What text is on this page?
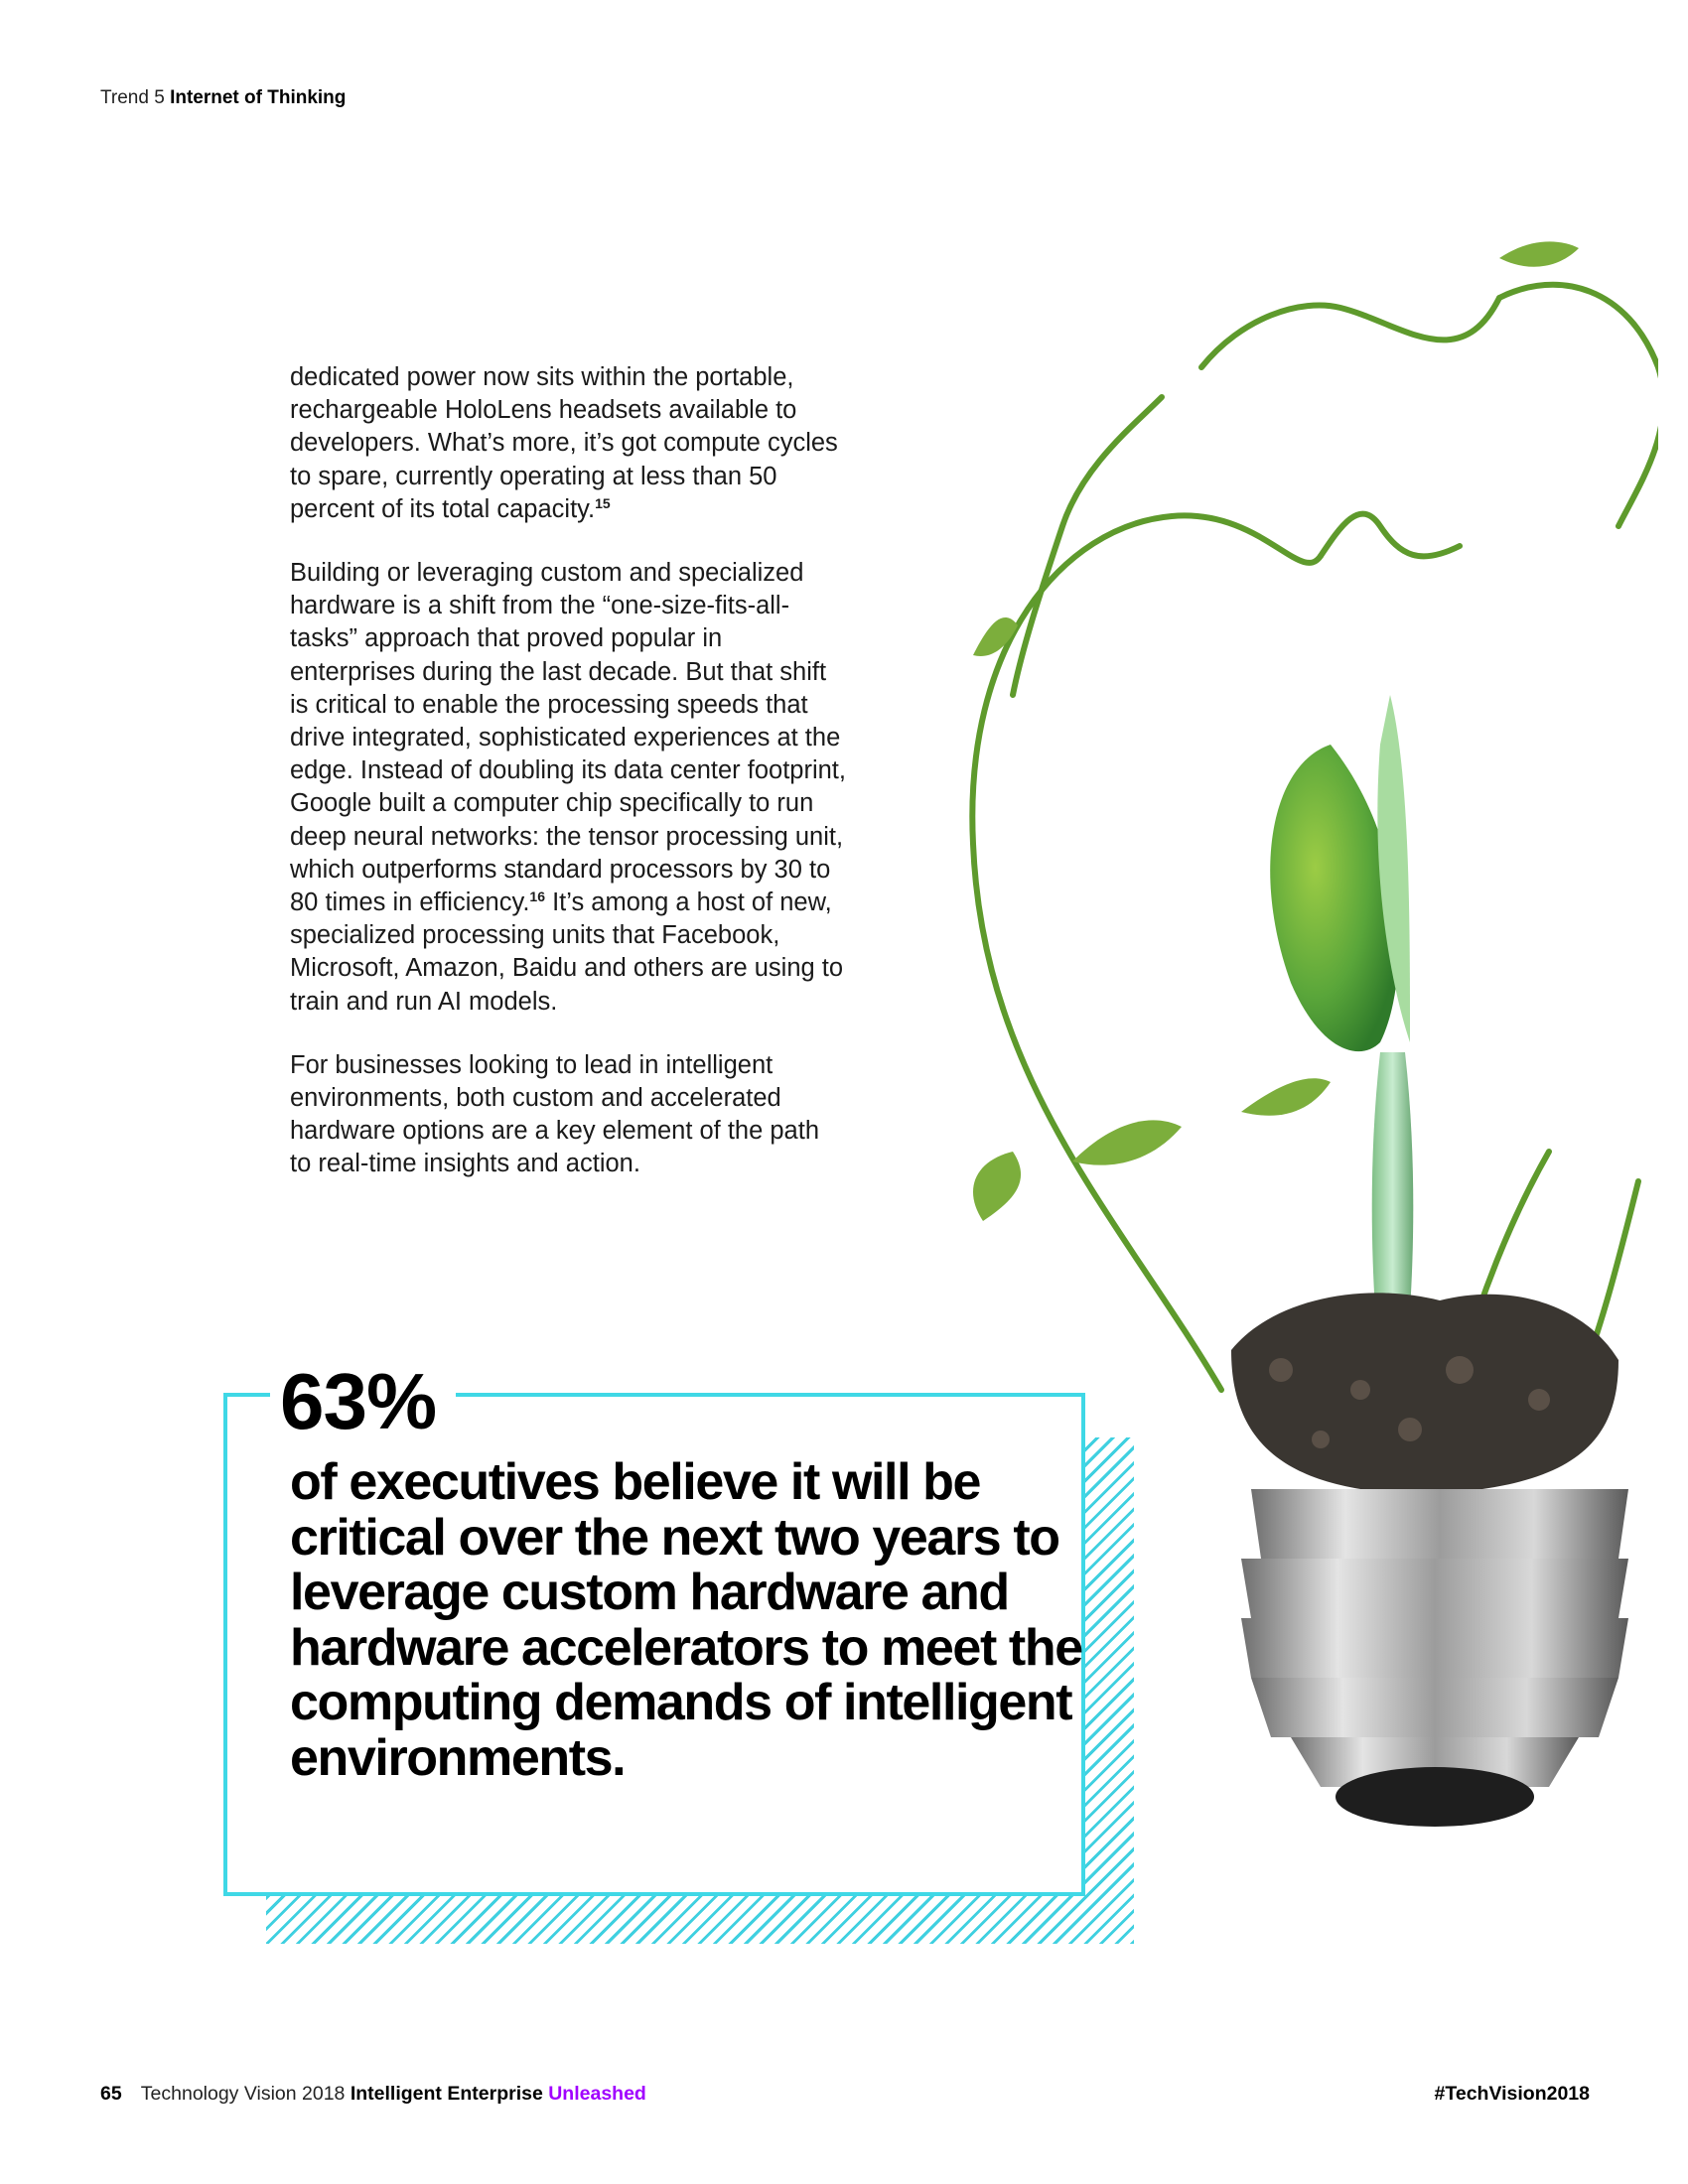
Trend 5 Internet of Thinking

dedicated power now sits within the portable, rechargeable HoloLens headsets available to developers. What’s more, it’s got compute cycles to spare, currently operating at less than 50 percent of its total capacity.$^{15}$

Building or leveraging custom and specialized hardware is a shift from the “one-size-fits-all-tasks” approach that proved popular in enterprises during the last decade. But that shift is critical to enable the processing speeds that drive integrated, sophisticated experiences at the edge. Instead of doubling its data center footprint, Google built a computer chip specifically to run deep neural networks: the tensor processing unit, which outperforms standard processors by 30 to 80 times in efficiency.$^{16}$ It’s among a host of new, specialized processing units that Facebook, Microsoft, Amazon, Baidu and others are using to train and run AI models.

For businesses looking to lead in intelligent environments, both custom and accelerated hardware options are a key element of the path to real-time insights and action.

63%
of executives believe it will be critical over the next two years to leverage custom hardware and hardware accelerators to meet the computing demands of intelligent environments.
65 Technology Vision 2018 Intelligent Enterprise Unleashed	#TechVision2018
